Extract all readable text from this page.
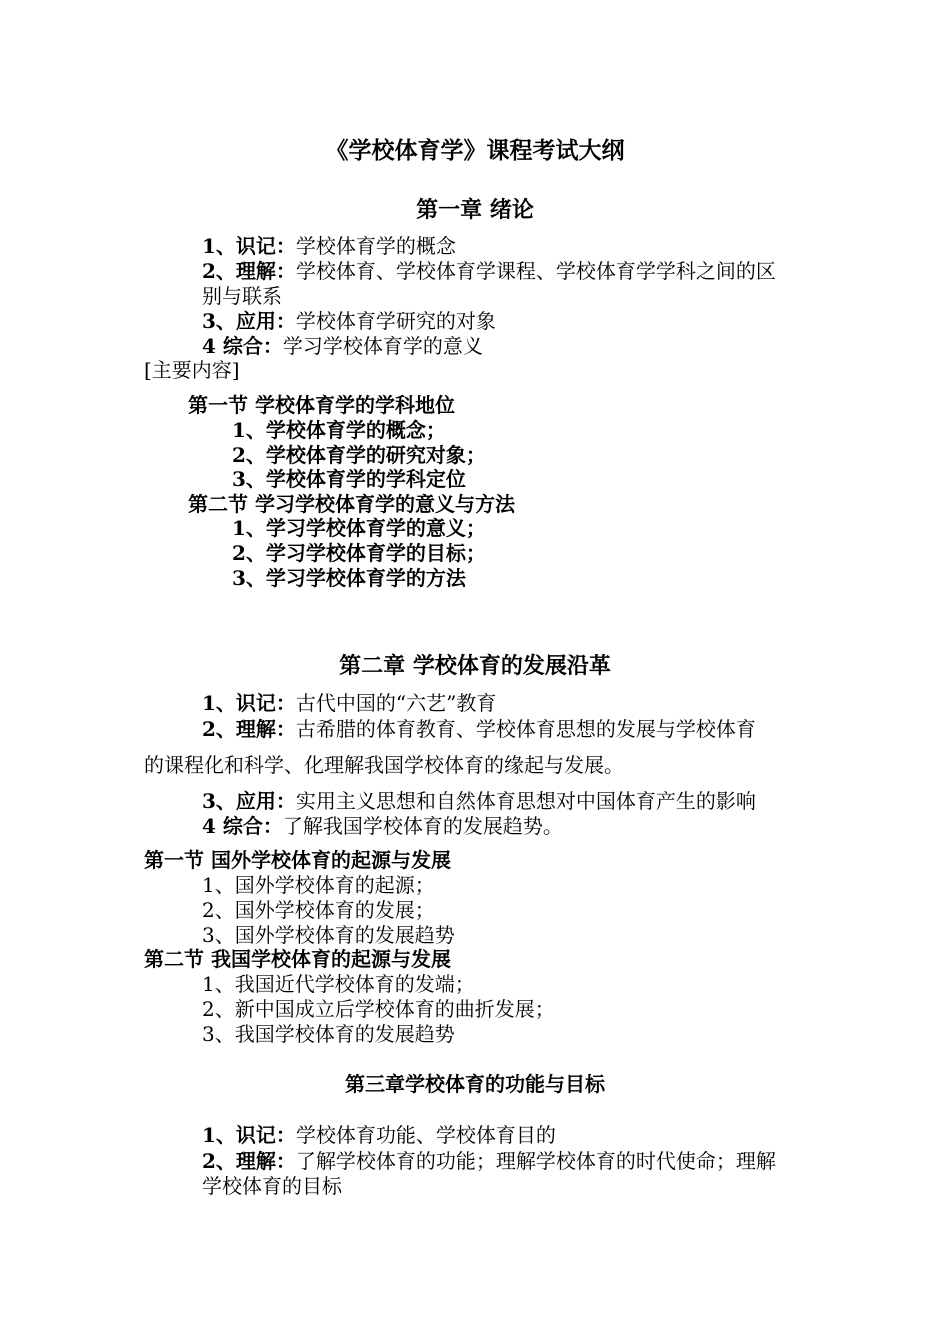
《学校体育学》课程考试大纲
第一章 绪论
1、识记：学校体育学的概念
2、理解：学校体育、学校体育学课程、学校体育学学科之间的区
别与联系
3、应用：学校体育学研究的对象
4 综合：学习学校体育学的意义
[主要内容]
第一节 学校体育学的学科地位
1、学校体育学的概念；
2、学校体育学的研究对象；
3、学校体育学的学科定位
第二节 学习学校体育学的意义与方法
1、学习学校体育学的意义；
2、学习学校体育学的目标；
3、学习学校体育学的方法
第二章 学校体育的发展沿革
1、识记：古代中国的“六艺”教育
2、理解：古希腊的体育教育、学校体育思想的发展与学校体育
的课程化和科学、化理解我国学校体育的缘起与发展。
3、应用：实用主义思想和自然体育思想对中国体育产生的影响
4 综合：了解我国学校体育的发展趋势。
第一节 国外学校体育的起源与发展
1、国外学校体育的起源；
2、国外学校体育的发展；
3、国外学校体育的发展趋势
第二节 我国学校体育的起源与发展
1、我国近代学校体育的发端；
2、新中国成立后学校体育的曲折发展；
3、我国学校体育的发展趋势
第三章学校体育的功能与目标
1、识记：学校体育功能、学校体育目的
2、理解：了解学校体育的功能；理解学校体育的时代使命；理解
学校体育的目标
